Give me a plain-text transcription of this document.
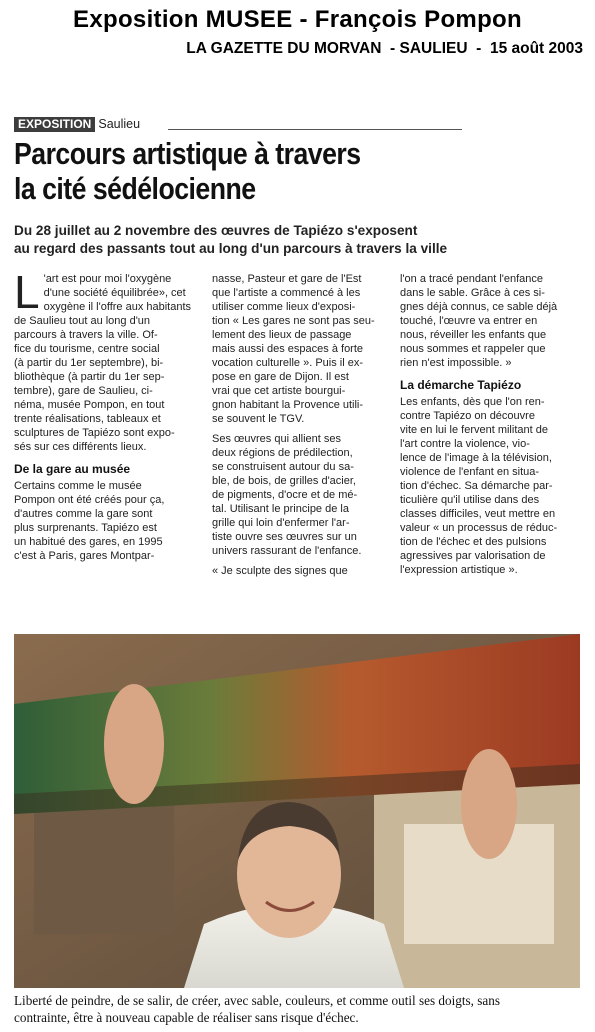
Exposition MUSEE - François Pompon
LA GAZETTE DU MORVAN  - SAULIEU  -  15 août 2003
EXPOSITION Saulieu
Parcours artistique à travers
la cité sédélocienne
Du 28 juillet au 2 novembre des œuvres de Tapiézo s'exposent
au regard des passants tout au long d'un parcours à travers la ville
L 'art est pour moi l'oxygène
d'une société équilibrée», cet
oxygène il l'offre aux habitants
de Saulieu tout au long d'un
parcours à travers la ville. Of-
fice du tourisme, centre social
(à partir du 1er septembre), bi-
bliothèque (à partir du 1er sep-
tembre), gare de Saulieu, ci-
néma, musée Pompon, en tout
trente réalisations, tableaux et
sculptures de Tapiézo sont expo-
sés sur ces différents lieux.
De la gare au musée
Certains comme le musée
Pompon ont été créés pour ça,
d'autres comme la gare sont
plus surprenants. Tapiézo est
un habitué des gares, en 1995
c'est à Paris, gares Montpar-
nasse, Pasteur et gare de l'Est
que l'artiste a commencé à les
utiliser comme lieux d'exposi-
tion « Les gares ne sont pas seu-
lement des lieux de passage
mais aussi des espaces à forte
vocation culturelle ». Puis il ex-
pose en gare de Dijon. Il est
vrai que cet artiste bourgui-
gnon habitant la Provence utili-
se souvent le TGV.
Ses œuvres qui allient ses
deux régions de prédilection,
se construisent autour du sa-
ble, de bois, de grilles d'acier,
de pigments, d'ocre et de mé-
tal. Utilisant le principe de la
grille qui loin d'enfermer l'ar-
tiste ouvre ses œuvres sur un
univers rassurant de l'enfance.
« Je sculpte des signes que
l'on a tracé pendant l'enfance
dans le sable. Grâce à ces si-
gnes déjà connus, ce sable déjà
touché, l'œuvre va entrer en
nous, réveiller les enfants que
nous sommes et rappeler que
rien n'est impossible. »
La démarche Tapiézo
Les enfants, dès que l'on ren-
contre Tapiézo on découvre
vite en lui le fervent militant de
l'art contre la violence, vio-
lence de l'image à la télévision,
violence de l'enfant en situa-
tion d'échec. Sa démarche par-
ticulière qu'il utilise dans des
classes difficiles, veut mettre en
valeur « un processus de réduc-
tion de l'échec et des pulsions
agressives par valorisation de
l'expression artistique ».
Liberté de peindre, de se salir, de créer, avec sable, couleurs, et comme outil ses doigts, sans
contrainte, être à nouveau capable de réaliser sans risque d'échec.
